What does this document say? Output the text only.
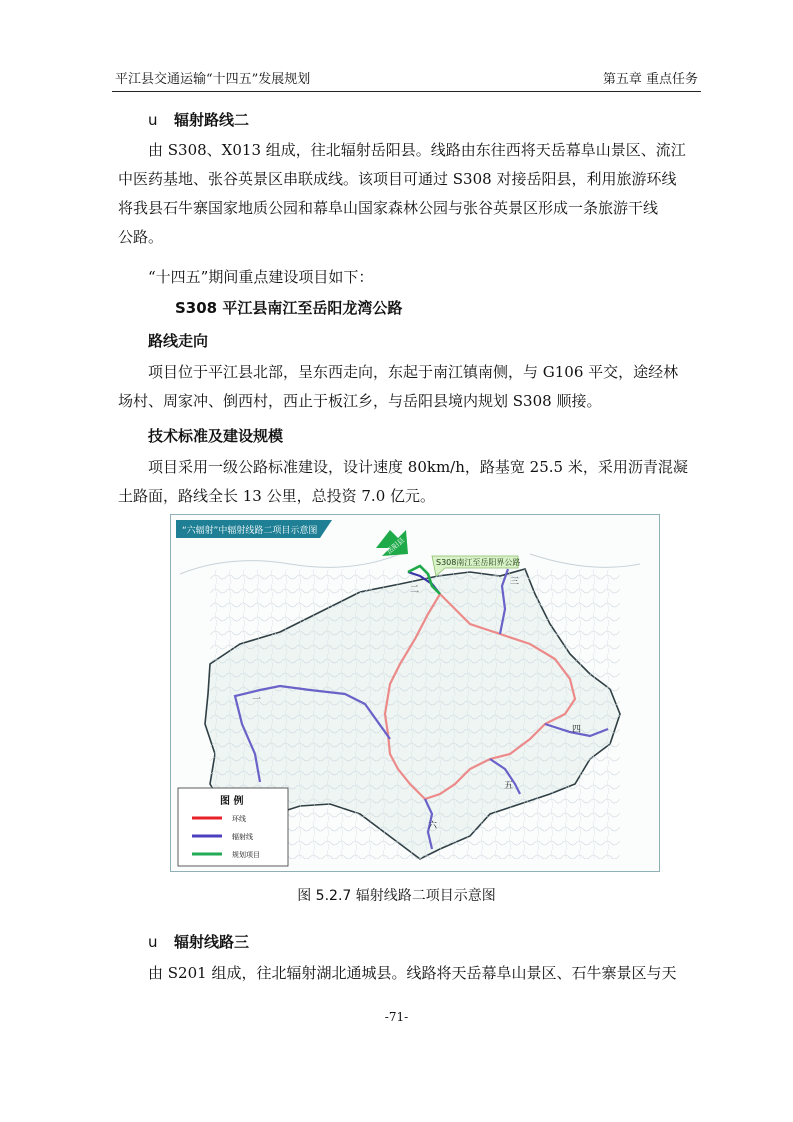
平江县交通运输“十四五”发展规划	第五章 重点任务
u 辐射路线二
由 S308、X013 组成，往北辐射岳阳县。线路由东往西将天岳幕阜山景区、流江
中医药基地、张谷英景区串联成线。该项目可通过 S308 对接岳阳县，利用旅游环线
将我县石牛寨国家地质公园和幕阜山国家森林公园与张谷英景区形成一条旅游干线
公路。
“十四五”期间重点建设项目如下：
S308 平江县南江至岳阳龙湾公路
路线走向
项目位于平江县北部，呈东西走向，东起于南江镇南侧，与 G106 平交，途经林
场村、周家冲、倒西村，西止于板江乡，与岳阳县境内规划 S308 顺接。
技术标准及建设规模
项目采用一级公路标准建设，设计速度 80km/h，路基宽 25.5 米，采用沥青混凝
土路面，路线全长 13 公里，总投资 7.0 亿元。
“六辐射”中辐射线路二项目示意图
岳阳县
S308南江至岳阳界公路
一
二
三
四
五
六
图 例
环线
辐射线
规划项目
图 5.2.7 辐射线路二项目示意图
u 辐射线路三
由 S201 组成，往北辐射湖北通城县。线路将天岳幕阜山景区、石牛寨景区与天
-71-
